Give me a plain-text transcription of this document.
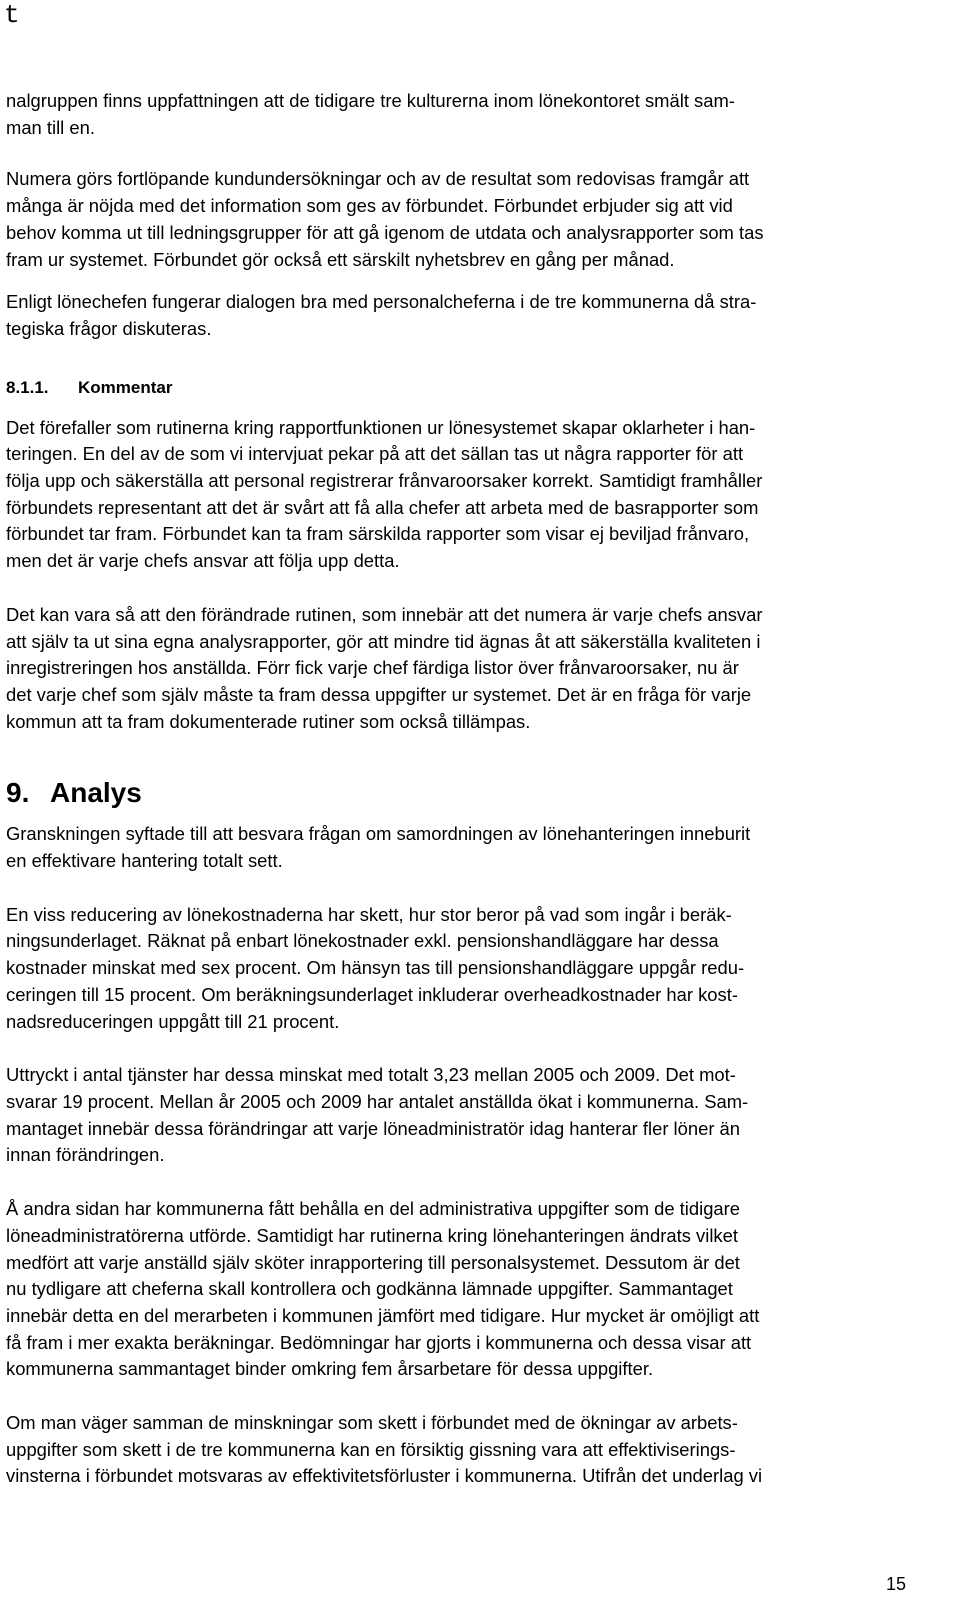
t

nalgruppen finns uppfattningen att de tidigare tre kulturerna inom lönekontoret smält sam-
man till en.

Numera görs fortlöpande kundundersökningar och av de resultat som redovisas framgår att
många är nöjda med det information som ges av förbundet. Förbundet erbjuder sig att vid
behov komma ut till ledningsgrupper för att gå igenom de utdata och analysrapporter som tas
fram ur systemet. Förbundet gör också ett särskilt nyhetsbrev en gång per månad.

Enligt lönechefen fungerar dialogen bra med personalcheferna i de tre kommunerna då stra-
tegiska frågor diskuteras.

8.1.1. Kommentar

Det förefaller som rutinerna kring rapportfunktionen ur lönesystemet skapar oklarheter i han-
teringen. En del av de som vi intervjuat pekar på att det sällan tas ut några rapporter för att
följa upp och säkerställa att personal registrerar frånvaroorsaker korrekt. Samtidigt framhåller
förbundets representant att det är svårt att få alla chefer att arbeta med de basrapporter som
förbundet tar fram. Förbundet kan ta fram särskilda rapporter som visar ej beviljad frånvaro,
men det är varje chefs ansvar att följa upp detta.

Det kan vara så att den förändrade rutinen, som innebär att det numera är varje chefs ansvar
att själv ta ut sina egna analysrapporter, gör att mindre tid ägnas åt att säkerställa kvaliteten i
inregistreringen hos anställda. Förr fick varje chef färdiga listor över frånvaroorsaker, nu är
det varje chef som själv måste ta fram dessa uppgifter ur systemet. Det är en fråga för varje
kommun att ta fram dokumenterade rutiner som också tillämpas.

9. Analys

Granskningen syftade till att besvara frågan om samordningen av lönehanteringen inneburit
en effektivare hantering totalt sett.

En viss reducering av lönekostnaderna har skett, hur stor beror på vad som ingår i beräk-
ningsunderlaget. Räknat på enbart lönekostnader exkl. pensionshandläggare har dessa
kostnader minskat med sex procent. Om hänsyn tas till pensionshandläggare uppgår redu-
ceringen till 15 procent. Om beräkningsunderlaget inkluderar overheadkostnader har kost-
nadsreduceringen uppgått till 21 procent.

Uttryckt i antal tjänster har dessa minskat med totalt 3,23 mellan 2005 och 2009. Det mot-
svarar 19 procent. Mellan år 2005 och 2009 har antalet anställda ökat i kommunerna. Sam-
mantaget innebär dessa förändringar att varje löneadministratör idag hanterar fler löner än
innan förändringen.

Å andra sidan har kommunerna fått behålla en del administrativa uppgifter som de tidigare
löneadministratörerna utförde. Samtidigt har rutinerna kring lönehanteringen ändrats vilket
medfört att varje anställd själv sköter inrapportering till personalsystemet. Dessutom är det
nu tydligare att cheferna skall kontrollera och godkänna lämnade uppgifter. Sammantaget
innebär detta en del merarbeten i kommunen jämfört med tidigare. Hur mycket är omöjligt att
få fram i mer exakta beräkningar. Bedömningar har gjorts i kommunerna och dessa visar att
kommunerna sammantaget binder omkring fem årsarbetare för dessa uppgifter.

Om man väger samman de minskningar som skett i förbundet med de ökningar av arbets-
uppgifter som skett i de tre kommunerna kan en försiktig gissning vara att effektiviserings-
vinsterna i förbundet motsvaras av effektivitetsförluster i kommunerna. Utifrån det underlag vi

15
